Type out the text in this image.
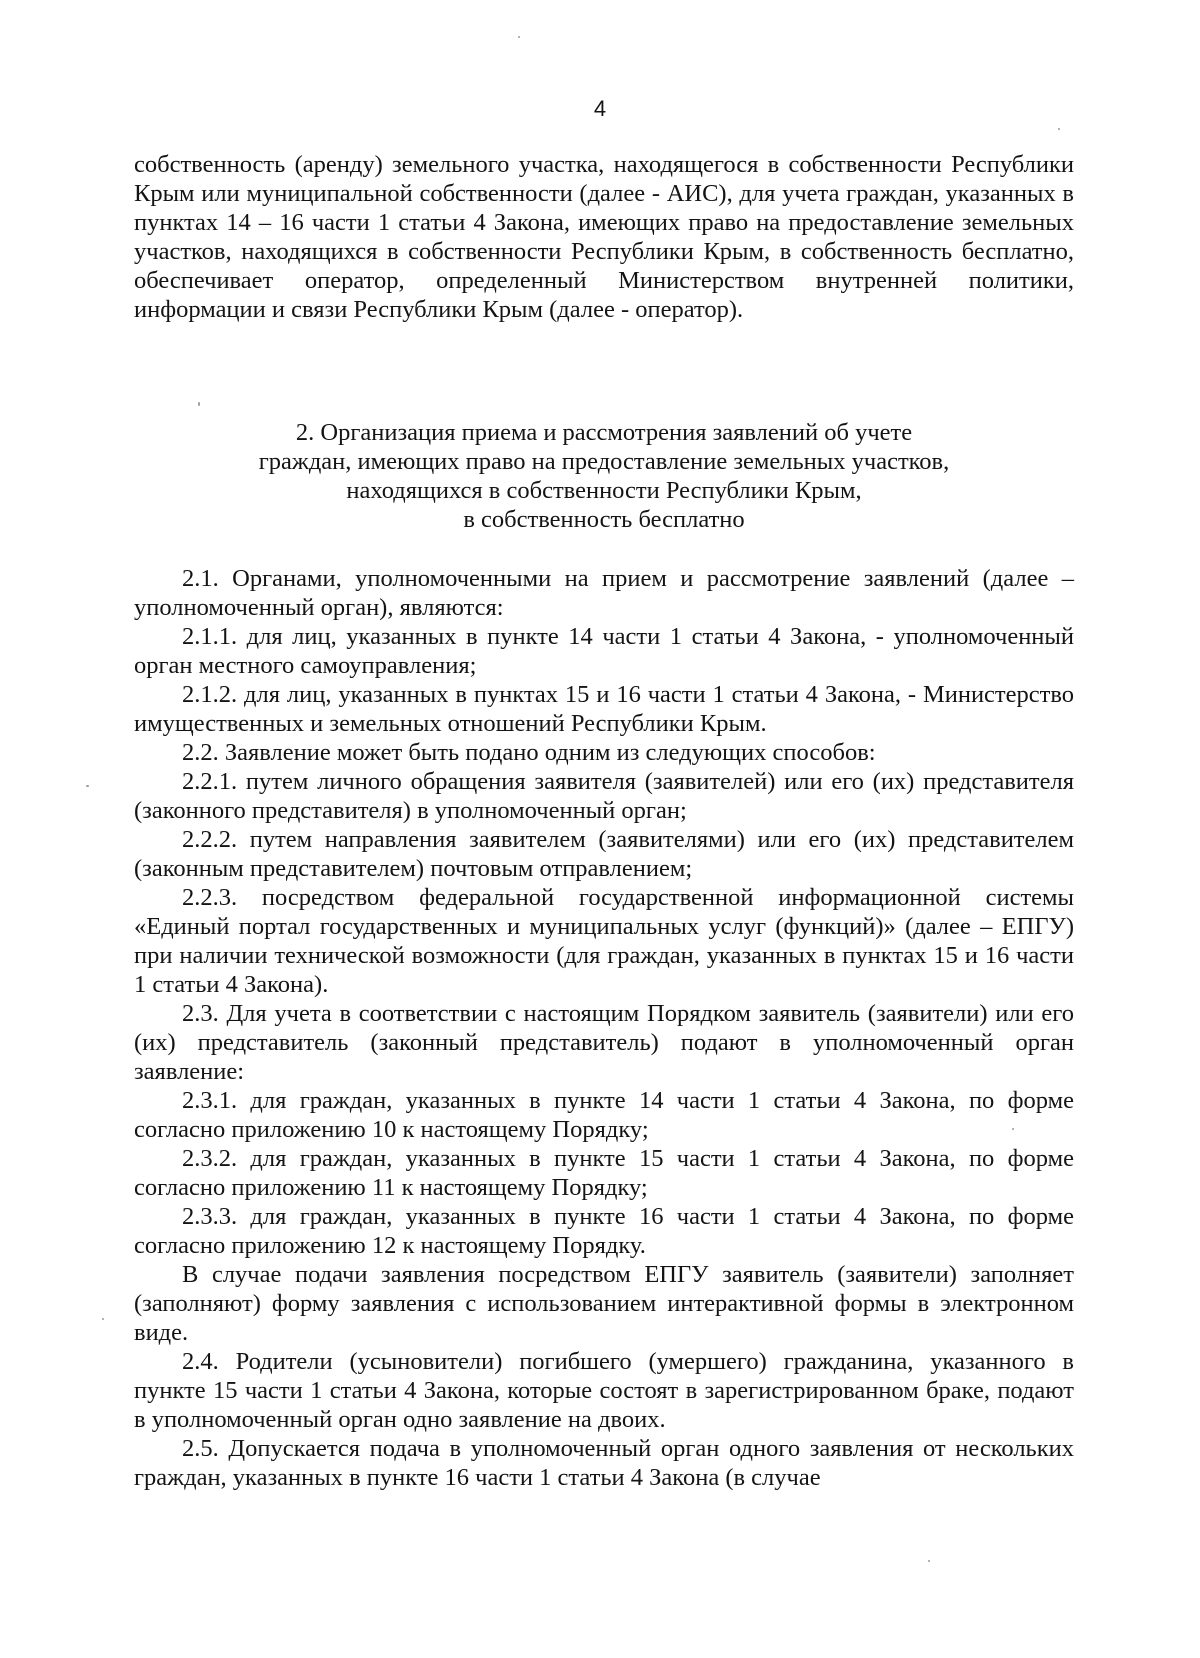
4

собственность (аренду) земельного участка, находящегося в собственности Республики Крым или муниципальной собственности (далее - АИС), для учета граждан, указанных в пунктах 14 – 16 части 1 статьи 4 Закона, имеющих право на предоставление земельных участков, находящихся в собственности Республики Крым, в собственность бесплатно, обеспечивает оператор, определенный Министерством внутренней политики, информации и связи Республики Крым (далее - оператор).

2. Организация приема и рассмотрения заявлений об учете
граждан, имеющих право на предоставление земельных участков,
находящихся в собственности Республики Крым,
в собственность бесплатно

2.1. Органами, уполномоченными на прием и рассмотрение заявлений (далее – уполномоченный орган), являются:

2.1.1. для лиц, указанных в пункте 14 части 1 статьи 4 Закона, - уполномоченный орган местного самоуправления;

2.1.2. для лиц, указанных в пунктах 15 и 16 части 1 статьи 4 Закона, - Министерство имущественных и земельных отношений Республики Крым.

2.2. Заявление может быть подано одним из следующих способов:

2.2.1. путем личного обращения заявителя (заявителей) или его (их) представителя (законного представителя) в уполномоченный орган;

2.2.2. путем направления заявителем (заявителями) или его (их) представителем (законным представителем) почтовым отправлением;

2.2.3. посредством федеральной государственной информационной системы «Единый портал государственных и муниципальных услуг (функций)» (далее – ЕПГУ) при наличии технической возможности (для граждан, указанных в пунктах 15 и 16 части 1 статьи 4 Закона).

2.3. Для учета в соответствии с настоящим Порядком заявитель (заявители) или его (их) представитель (законный представитель) подают в уполномоченный орган заявление:

2.3.1. для граждан, указанных в пункте 14 части 1 статьи 4 Закона, по форме согласно приложению 10 к настоящему Порядку;

2.3.2. для граждан, указанных в пункте 15 части 1 статьи 4 Закона, по форме согласно приложению 11 к настоящему Порядку;

2.3.3. для граждан, указанных в пункте 16 части 1 статьи 4 Закона, по форме согласно приложению 12 к настоящему Порядку.

В случае подачи заявления посредством ЕПГУ заявитель (заявители) заполняет (заполняют) форму заявления с использованием интерактивной формы в электронном виде.

2.4. Родители (усыновители) погибшего (умершего) гражданина, указанного в пункте 15 части 1 статьи 4 Закона, которые состоят в зарегистрированном браке, подают в уполномоченный орган одно заявление на двоих.

2.5. Допускается подача в уполномоченный орган одного заявления от нескольких граждан, указанных в пункте 16 части 1 статьи 4 Закона (в случае
